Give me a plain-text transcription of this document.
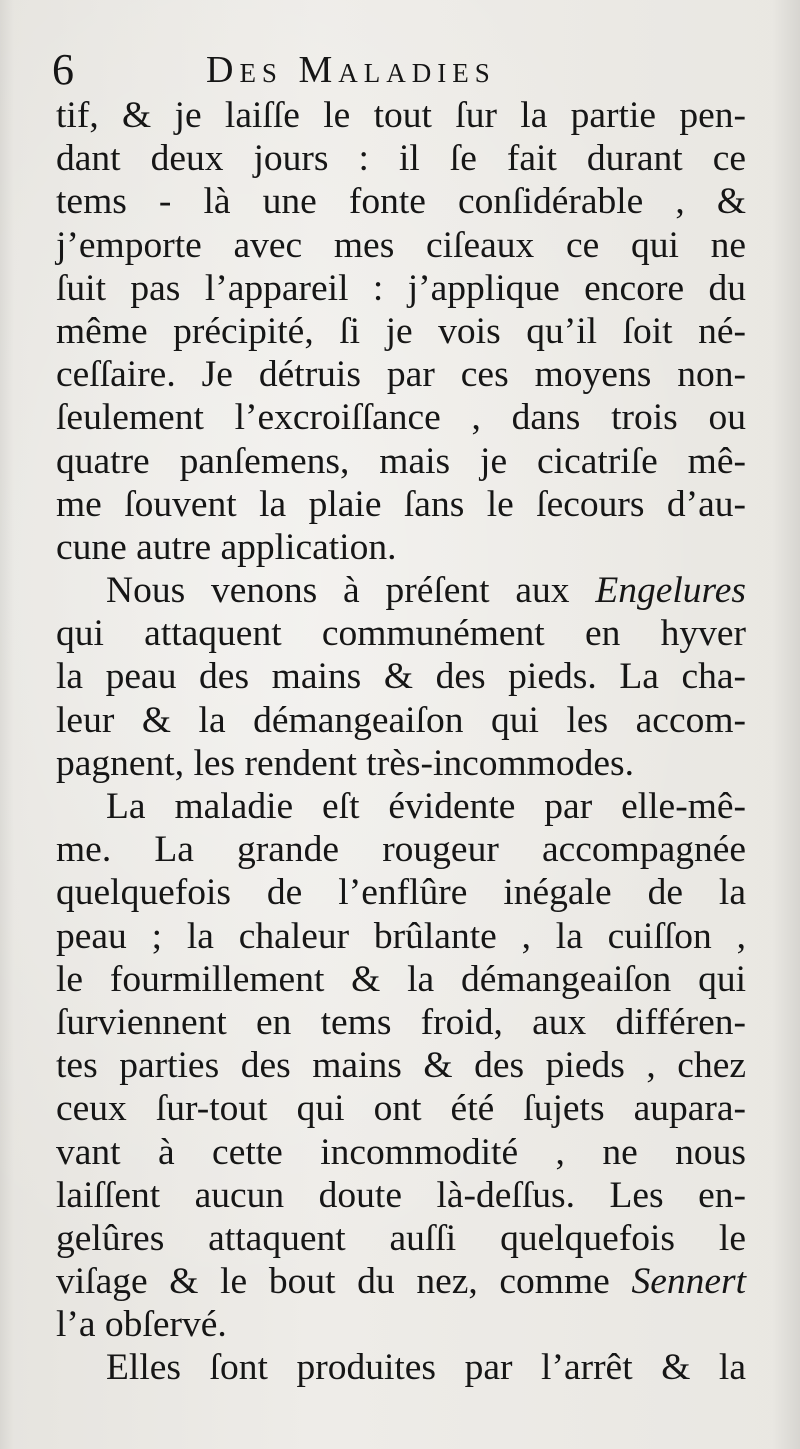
6	Des Maladies
tif, & je laiſſe le tout ſur la partie pen-
dant deux jours : il ſe fait durant ce
tems - là une fonte conſidérable , &
j’emporte avec mes ciſeaux ce qui ne
ſuit pas l’appareil : j’applique encore du
même précipité, ſi je vois qu’il ſoit né-
ceſſaire. Je détruis par ces moyens non-
ſeulement l’excroiſſance , dans trois ou
quatre panſemens, mais je cicatriſe mê-
me ſouvent la plaie ſans le ſecours d’au-
cune autre application.
Nous venons à préſent aux Engelures
qui attaquent communément en hyver
la peau des mains & des pieds. La cha-
leur & la démangeaiſon qui les accom-
pagnent, les rendent très-incommodes.
La maladie eſt évidente par elle-mê-
me. La grande rougeur accompagnée
quelquefois de l’enflûre inégale de la
peau ; la chaleur brûlante , la cuiſſon ,
le fourmillement & la démangeaiſon qui
ſurviennent en tems froid, aux différen-
tes parties des mains & des pieds , chez
ceux ſur-tout qui ont été ſujets aupara-
vant à cette incommodité , ne nous
laiſſent aucun doute là-deſſus. Les en-
gelûres attaquent auſſi quelquefois le
viſage & le bout du nez, comme Sennert
l’a obſervé.
Elles ſont produites par l’arrêt & la
